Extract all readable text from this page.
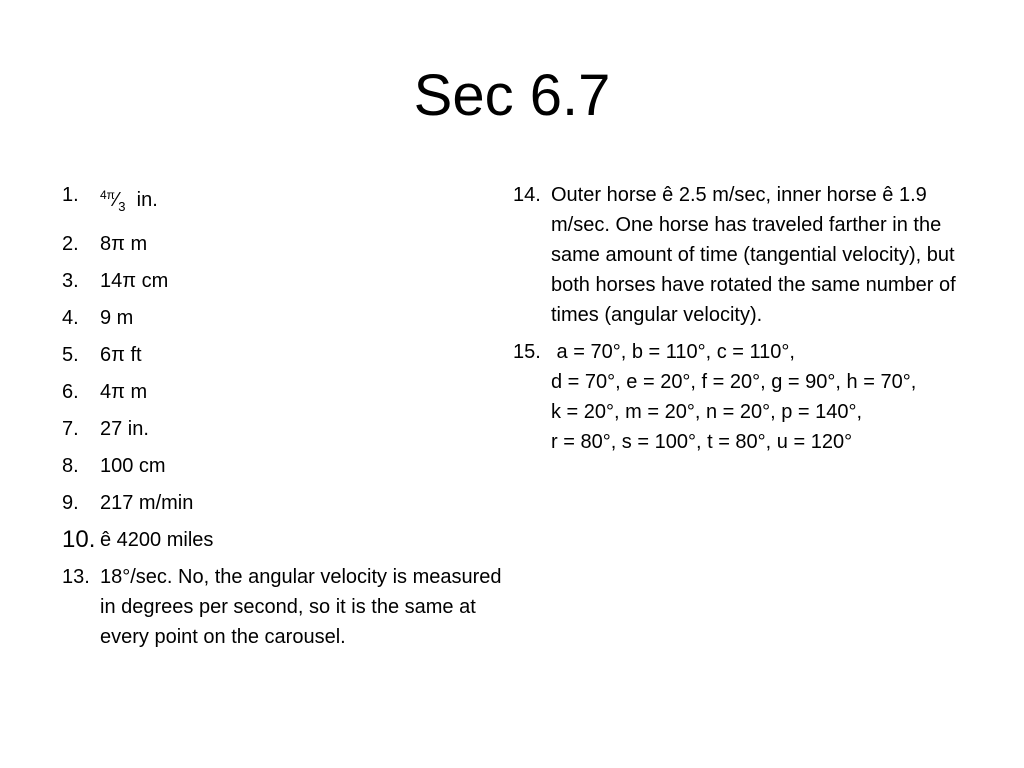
Sec 6.7
1.	$^{4\pi}⁄_3$ in.
2.	8π m
3.	14π cm
4.	9 m
5.	6π ft
6.	4π m
7.	27 in.
8.	100 cm
9.	217 m/min
10. ê 4200 miles
13. 18°/sec. No, the angular velocity is measured in degrees per second, so it is the same at every point on the carousel.
14. Outer horse ê 2.5 m/sec, inner horse ê 1.9 m/sec. One horse has traveled farther in the same amount of time (tangential velocity), but both horses have rotated the same number of times (angular velocity).
15. a = 70°, b = 110°, c = 110°,
d = 70°, e = 20°, f = 20°, g = 90°, h = 70°,
k = 20°, m = 20°, n = 20°, p = 140°,
r = 80°, s = 100°, t = 80°, u = 120°
